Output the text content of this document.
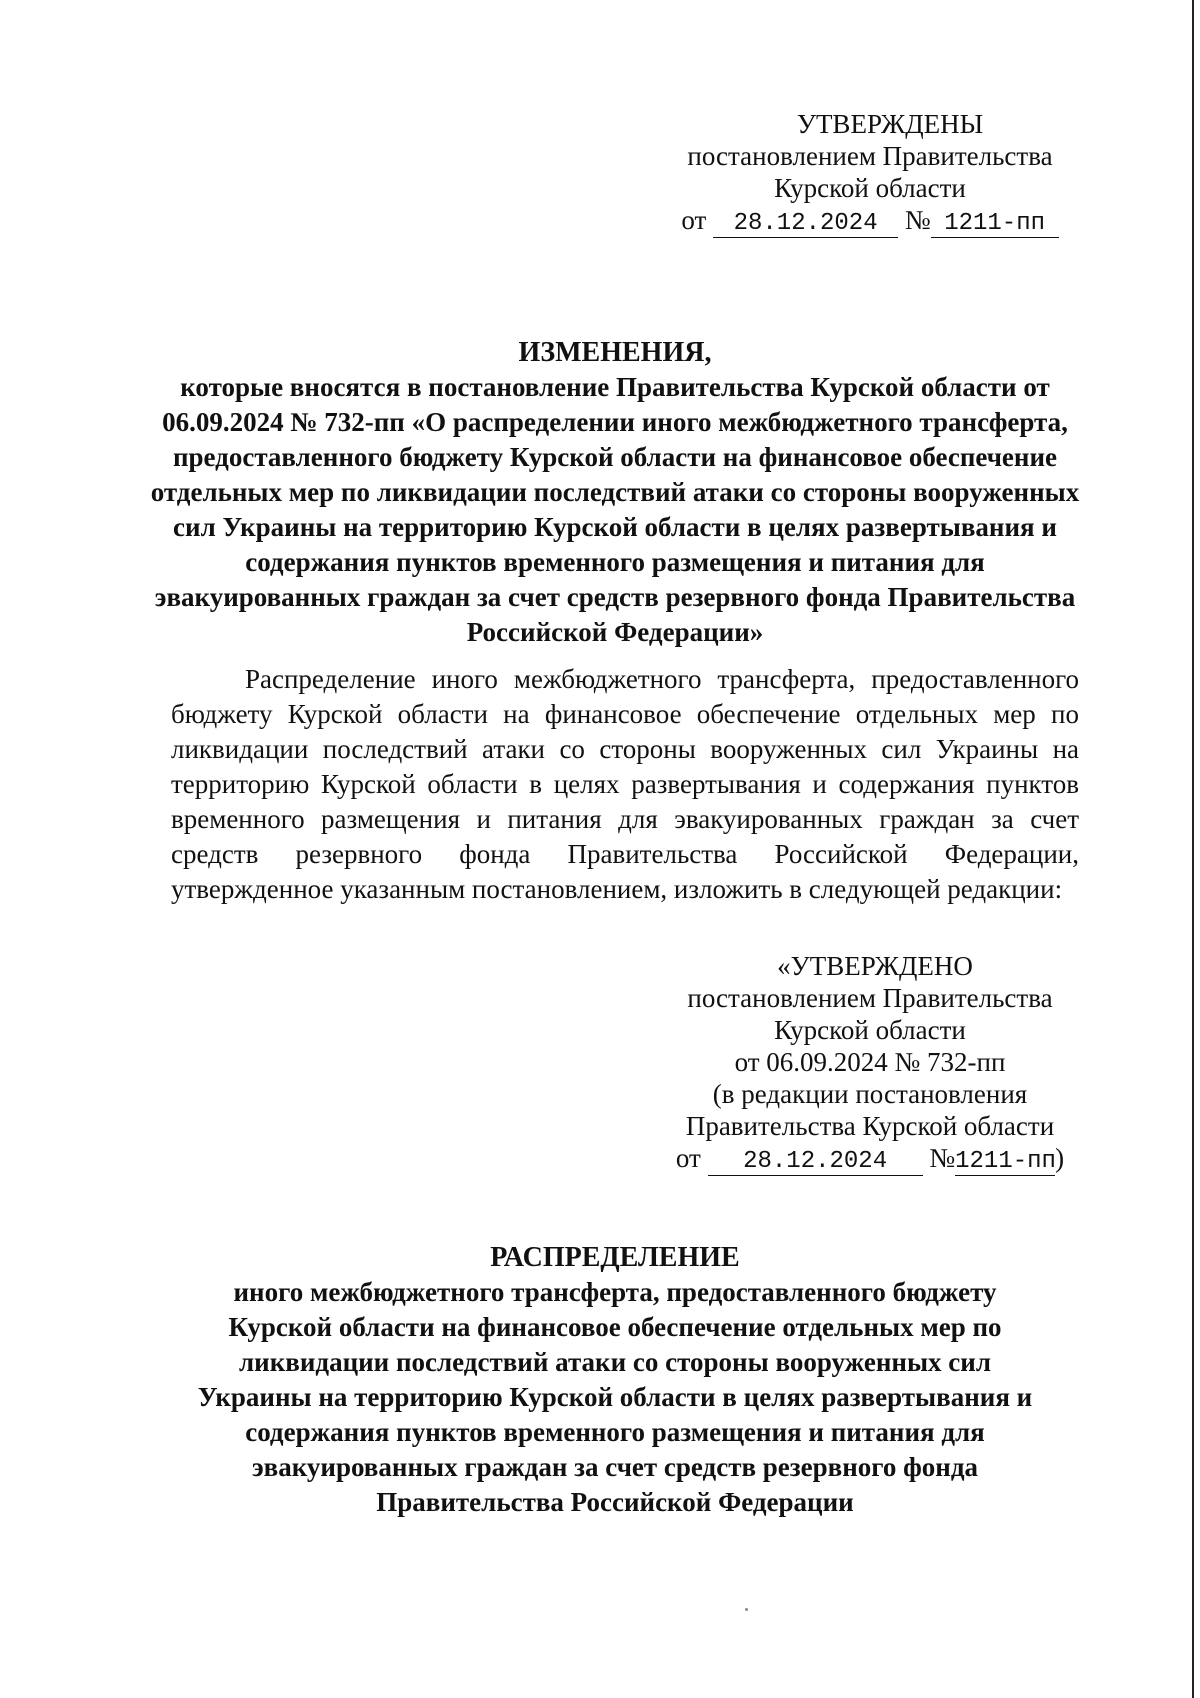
УТВЕРЖДЕНЫ
постановлением Правительства
Курской области
от 28.12.2024 № 1211-пп
ИЗМЕНЕНИЯ,
которые вносятся в постановление Правительства Курской области от 06.09.2024 № 732-пп «О распределении иного межбюджетного трансферта, предоставленного бюджету Курской области на финансовое обеспечение отдельных мер по ликвидации последствий атаки со стороны вооруженных сил Украины на территорию Курской области в целях развертывания и содержания пунктов временного размещения и питания для эвакуированных граждан за счет средств резервного фонда Правительства Российской Федерации»
Распределение иного межбюджетного трансферта, предоставленного бюджету Курской области на финансовое обеспечение отдельных мер по ликвидации последствий атаки со стороны вооруженных сил Украины на территорию Курской области в целях развертывания и содержания пунктов временного размещения и питания для эвакуированных граждан за счет средств резервного фонда Правительства Российской Федерации, утвержденное указанным постановлением, изложить в следующей редакции:
«УТВЕРЖДЕНО
постановлением Правительства
Курской области
от 06.09.2024 № 732-пп
(в редакции постановления
Правительства Курской области
от 28.12.2024 №1211-пп)
РАСПРЕДЕЛЕНИЕ
иного межбюджетного трансферта, предоставленного бюджету
Курской области на финансовое обеспечение отдельных мер по
ликвидации последствий атаки со стороны вооруженных сил
Украины на территорию Курской области в целях развертывания и
содержания пунктов временного размещения и питания для
эвакуированных граждан за счет средств резервного фонда
Правительства Российской Федерации
